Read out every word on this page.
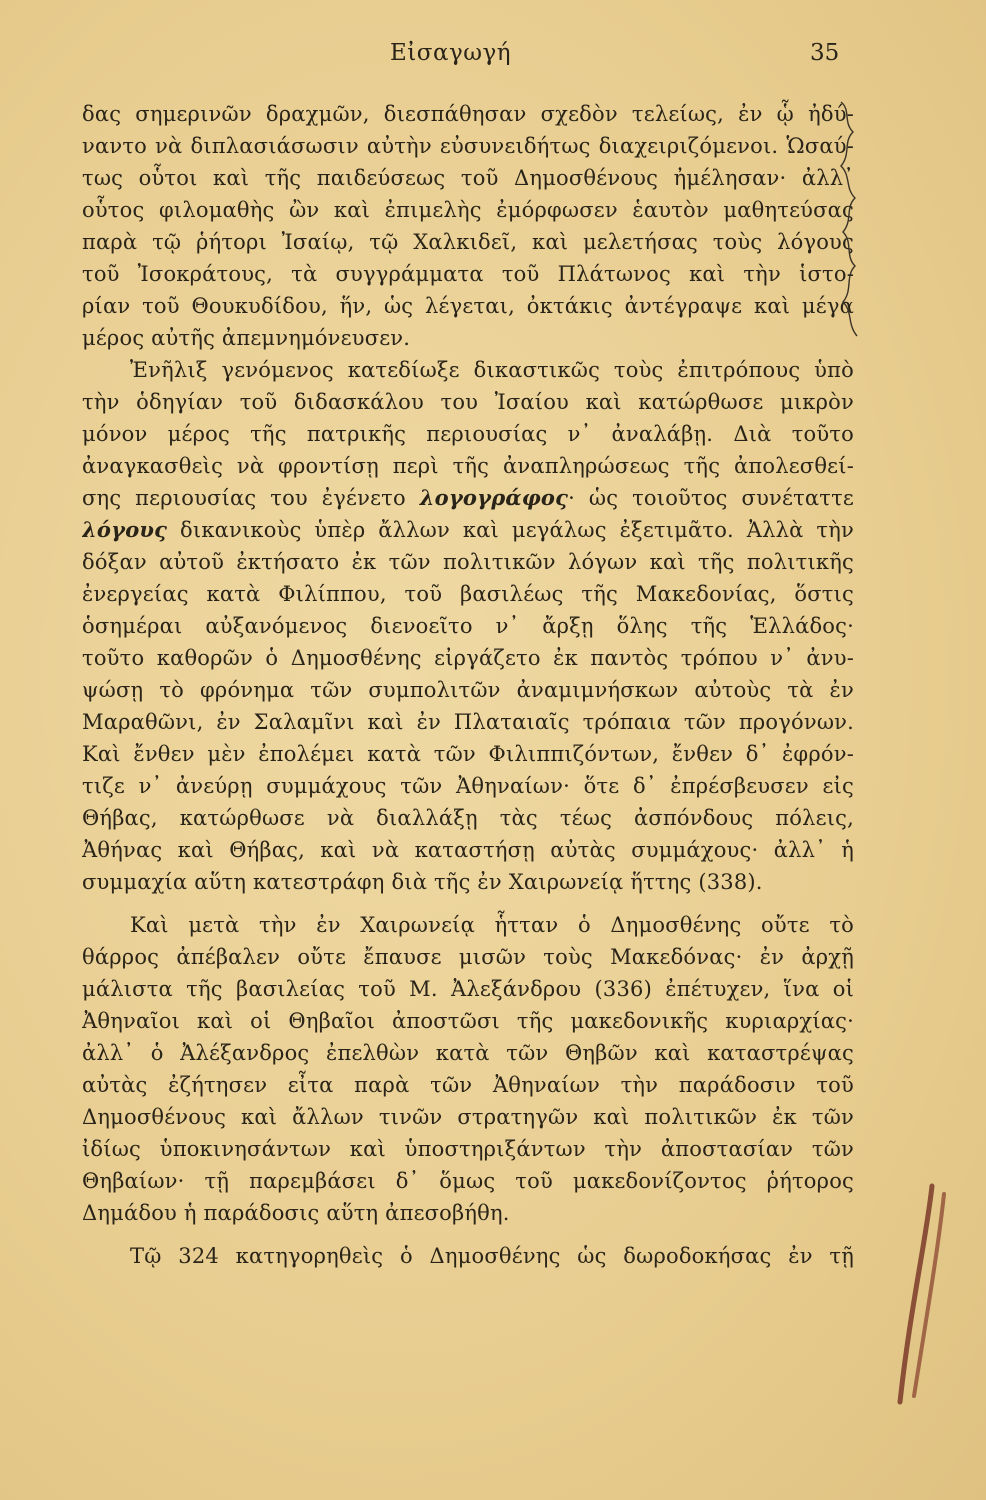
Εἰσαγωγή	35
δας σημερινῶν δραχμῶν, διεσπάθησαν σχεδὸν τελείως, ἐν ᾧ ἠδύ-
ναντο νὰ διπλασιάσωσιν αὐτὴν εὐσυνειδήτως διαχειριζόμενοι. Ὡσαύ-
τως οὗτοι καὶ τῆς παιδεύσεως τοῦ Δημοσθένους ἠμέλησαν· ἀλλ᾽
οὗτος φιλομαθὴς ὢν καὶ ἐπιμελὴς ἐμόρφωσεν ἑαυτὸν μαθητεύσας
παρὰ τῷ ῥήτορι Ἰσαίῳ, τῷ Χαλκιδεῖ, καὶ μελετήσας τοὺς λόγους
τοῦ Ἰσοκράτους, τὰ συγγράμματα τοῦ Πλάτωνος καὶ τὴν ἱστο-
ρίαν τοῦ Θουκυδίδου, ἥν, ὡς λέγεται, ὀκτάκις ἀντέγραψε καὶ μέγα
μέρος αὐτῆς ἀπεμνημόνευσεν.
Ἐνῆλιξ γενόμενος κατεδίωξε δικαστικῶς τοὺς ἐπιτρόπους ὑπὸ
τὴν ὁδηγίαν τοῦ διδασκάλου του Ἰσαίου καὶ κατώρθωσε μικρὸν
μόνον μέρος τῆς πατρικῆς περιουσίας ν᾽ ἀναλάβῃ. Διὰ τοῦτο
ἀναγκασθεὶς νὰ φροντίσῃ περὶ τῆς ἀναπληρώσεως τῆς ἀπολεσθεί-
σης περιουσίας του ἐγένετο λογογράφος· ὡς τοιοῦτος συνέταττε
λόγους δικανικοὺς ὑπὲρ ἄλλων καὶ μεγάλως ἐξετιμᾶτο. Ἀλλὰ τὴν
δόξαν αὐτοῦ ἐκτήσατο ἐκ τῶν πολιτικῶν λόγων καὶ τῆς πολιτικῆς
ἐνεργείας κατὰ Φιλίππου, τοῦ βασιλέως τῆς Μακεδονίας, ὅστις
ὁσημέραι αὐξανόμενος διενοεῖτο ν᾽ ἄρξῃ ὅλης τῆς Ἑλλάδος·
τοῦτο καθορῶν ὁ Δημοσθένης εἰργάζετο ἐκ παντὸς τρόπου ν᾽ ἀνυ-
ψώσῃ τὸ φρόνημα τῶν συμπολιτῶν ἀναμιμνήσκων αὐτοὺς τὰ ἐν
Μαραθῶνι, ἐν Σαλαμῖνι καὶ ἐν Πλαταιαῖς τρόπαια τῶν προγόνων.
Καὶ ἔνθεν μὲν ἐπολέμει κατὰ τῶν Φιλιππιζόντων, ἔνθεν δ᾽ ἐφρόν-
τιζε ν᾽ ἀνεύρῃ συμμάχους τῶν Ἀθηναίων· ὅτε δ᾽ ἐπρέσβευσεν εἰς
Θήβας, κατώρθωσε νὰ διαλλάξῃ τὰς τέως ἀσπόνδους πόλεις,
Ἀθήνας καὶ Θήβας, καὶ νὰ καταστήσῃ αὐτὰς συμμάχους· ἀλλ᾽ ἡ
συμμαχία αὕτη κατεστράφη διὰ τῆς ἐν Χαιρωνείᾳ ἥττης (338).
Καὶ μετὰ τὴν ἐν Χαιρωνείᾳ ἧτταν ὁ Δημοσθένης οὔτε τὸ
θάρρος ἀπέβαλεν οὔτε ἔπαυσε μισῶν τοὺς Μακεδόνας· ἐν ἀρχῇ
μάλιστα τῆς βασιλείας τοῦ Μ. Ἀλεξάνδρου (336) ἐπέτυχεν, ἵνα οἱ
Ἀθηναῖοι καὶ οἱ Θηβαῖοι ἀποστῶσι τῆς μακεδονικῆς κυριαρχίας·
ἀλλ᾽ ὁ Ἀλέξανδρος ἐπελθὼν κατὰ τῶν Θηβῶν καὶ καταστρέψας
αὐτὰς ἐζήτησεν εἶτα παρὰ τῶν Ἀθηναίων τὴν παράδοσιν τοῦ
Δημοσθένους καὶ ἄλλων τινῶν στρατηγῶν καὶ πολιτικῶν ἐκ τῶν
ἰδίως ὑποκινησάντων καὶ ὑποστηριξάντων τὴν ἀποστασίαν τῶν
Θηβαίων· τῇ παρεμβάσει δ᾽ ὅμως τοῦ μακεδονίζοντος ῥήτορος
Δημάδου ἡ παράδοσις αὕτη ἀπεσοβήθη.
Τῷ 324 κατηγορηθεὶς ὁ Δημοσθένης ὡς δωροδοκήσας ἐν τῇ
